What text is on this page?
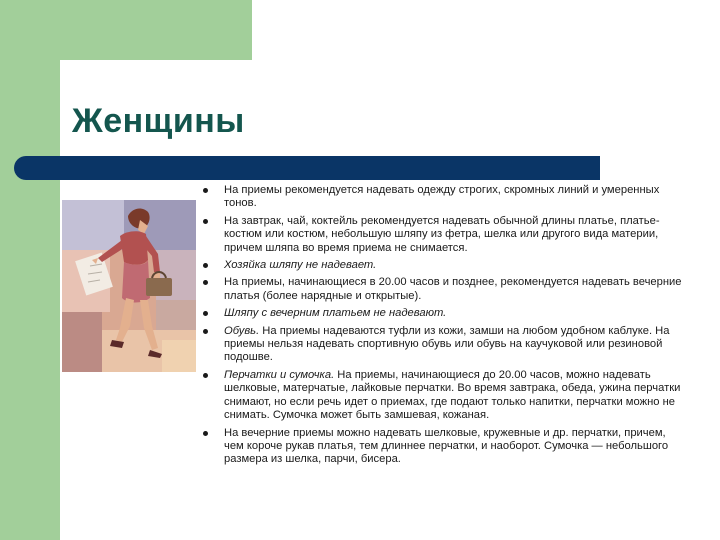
Женщины
На приемы рекомендуется надевать одежду строгих, скромных линий и умеренных тонов.
На завтрак, чай, коктейль рекомендуется надевать обычной длины платье, платье-костюм или костюм, небольшую шляпу из фетра, шелка или другого вида материи, причем шляпа во время приема не снимается.
Хозяйка шляпу не надевает.
На приемы, начинающиеся в 20.00 часов и позднее, рекомендуется надевать вечерние платья (более нарядные и открытые).
Шляпу с вечерним платьем не надевают.
Обувь. На приемы надеваются туфли из кожи, замши на любом удобном каблуке. На приемы нельзя надевать спортивную обувь или обувь на каучуковой или резиновой подошве.
Перчатки и сумочка. На приемы, начинающиеся до 20.00 часов, можно надевать шелковые, матерчатые, лайковые перчатки. Во время завтрака, обеда, ужина перчатки снимают, но если речь идет о приемах, где подают только напитки, перчатки можно не снимать. Сумочка может быть замшевая, кожаная.
На вечерние приемы можно надевать шелковые, кружевные и др. перчатки, причем, чем короче рукав платья, тем длиннее перчатки, и наоборот. Сумочка — небольшого размера из шелка, парчи, бисера.
